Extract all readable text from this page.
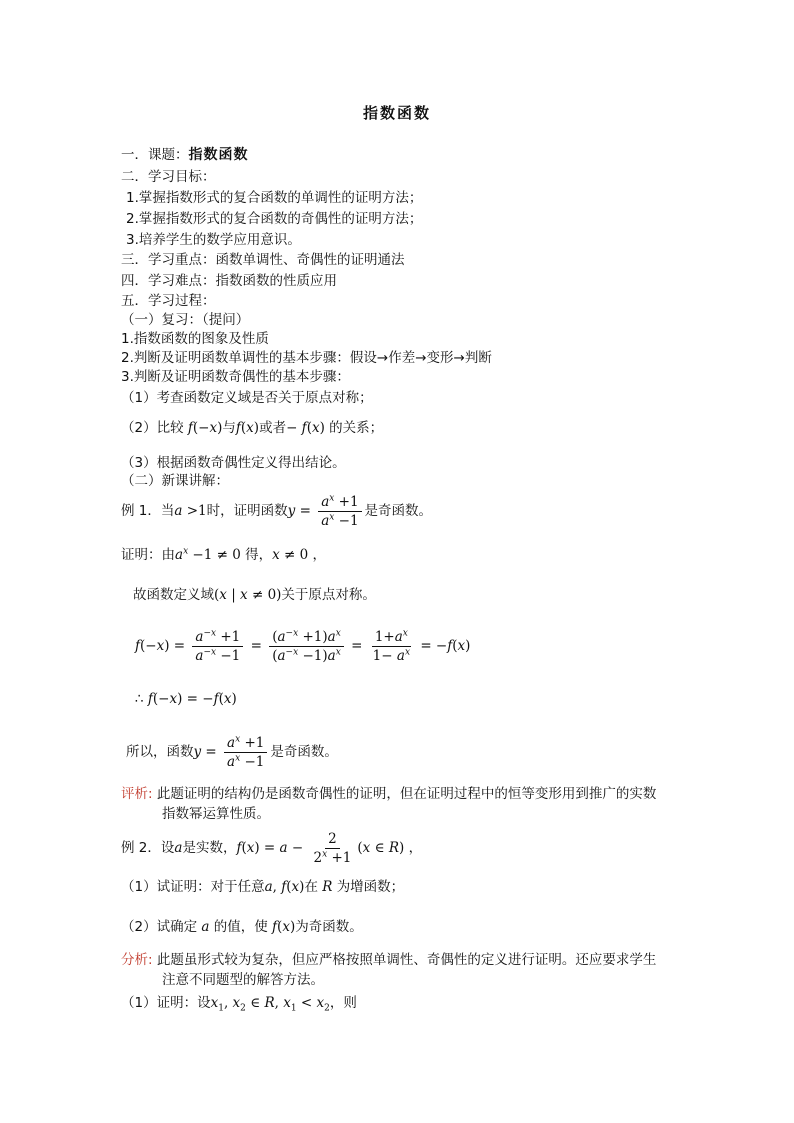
指数函数
一．课题：指数函数
二．学习目标：
1.掌握指数形式的复合函数的单调性的证明方法；
2.掌握指数形式的复合函数的奇偶性的证明方法；
3.培养学生的数学应用意识。
三．学习重点：函数单调性、奇偶性的证明通法
四．学习难点：指数函数的性质应用
五．学习过程：
（一）复习：（提问）
1.指数函数的图象及性质
2.判断及证明函数单调性的基本步骤：假设→作差→变形→判断
3.判断及证明函数奇偶性的基本步骤：
（1）考查函数定义域是否关于原点对称；
（2）比较 f(−x)与f(x)或者− f(x) 的关系；
（3）根据函数奇偶性定义得出结论。
（二）新课讲解：
例 1．当a >1时，证明函数$y = \frac{a^x +1}{a^x -1}$ 是奇函数。
证明：由$a^x -1 \ne 0$ 得，x ≠ 0 ，
故函数定义域(x | x ≠ 0)关于原点对称。
$f(-x) = \frac{a^{-x} +1}{a^{-x} -1} = \frac{(a^{-x} +1)a^x}{(a^{-x} -1)a^x} = \frac{1+a^x}{1- a^x} = -f(x)$
∴ f(−x) = −f(x)
所以，函数$y = \frac{a^x +1}{a^x -1}$ 是奇函数。
评析: 此题证明的结构仍是函数奇偶性的证明，但在证明过程中的恒等变形用到推广的实数
指数幂运算性质。
例 2．设a是实数，$f(x) = a - \frac{2}{2^x +1} (x$ ∈ R) ，
（1）试证明：对于任意a, f(x)在 R 为增函数；
（2）试确定 a 的值，使 f(x)为奇函数。
分析: 此题虽形式较为复杂，但应严格按照单调性、奇偶性的定义进行证明。还应要求学生
注意不同题型的解答方法。
（1）证明：设$x_1$, $x_2$ ∈ R, $x_1 < x_2$，则
